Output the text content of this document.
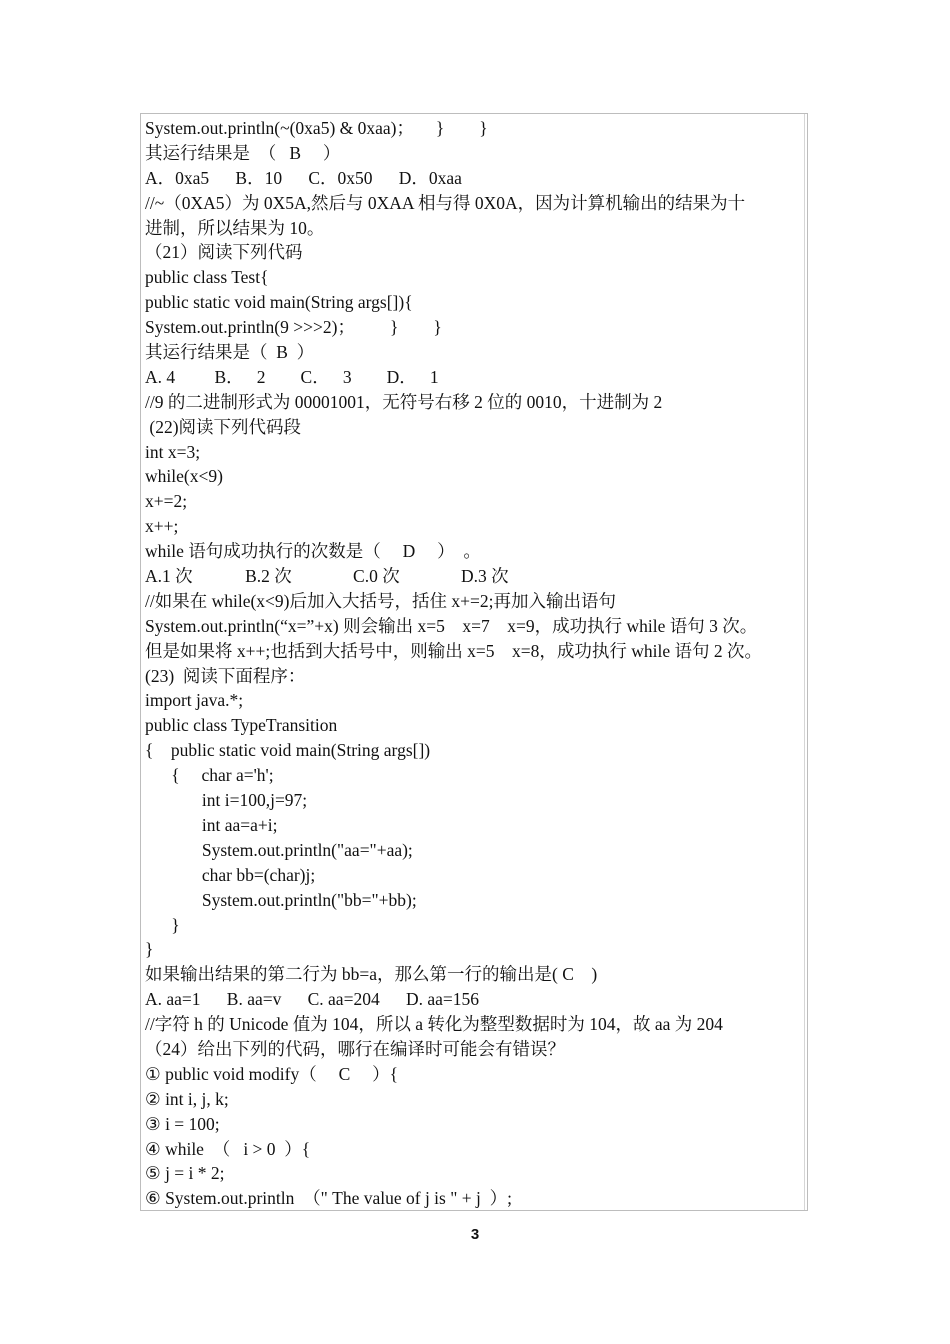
System.out.println(~(0xa5) & 0xaa)；     }        }
其运行结果是  （   B     ）
A．0xa5      B．10      C．0x50      D．0xaa
//~（0XA5）为 0X5A,然后与 0XAA 相与得 0X0A，因为计算机输出的结果为十
进制，所以结果为 10。
（21）阅读下列代码
public class Test{
public static void main(String args[]){
System.out.println(9 >>>2)；        }        }
其运行结果是（  B  ）
A. 4         B．   2        C．   3        D．   1
//9 的二进制形式为 00001001，无符号右移 2 位的 0010，十进制为 2
(22)阅读下列代码段
int x=3;
while(x<9)
x+=2;
x++;
while 语句成功执行的次数是（     D     ）  。
A.1 次            B.2 次              C.0 次              D.3 次
//如果在 while(x<9)后加入大括号，括住 x+=2;再加入输出语句
System.out.println(“x=”+x) 则会输出 x=5    x=7    x=9，成功执行 while 语句 3 次。
但是如果将 x++;也括到大括号中，则输出 x=5    x=8，成功执行 while 语句 2 次。
(23)  阅读下面程序：
import java.*;
public class TypeTransition
{    public static void main(String args[])
{     char a='h';
int i=100,j=97;
int aa=a+i;
System.out.println("aa="+aa);
char bb=(char)j;
System.out.println("bb="+bb);
}
}
如果输出结果的第二行为 bb=a，那么第一行的输出是( C    )
A. aa=1      B. aa=v      C. aa=204      D. aa=156
//字符 h 的 Unicode 值为 104，所以 a 转化为整型数据时为 104，故 aa 为 204
（24）给出下列的代码，哪行在编译时可能会有错误？
① public void modify（     C     ）{
② int i, j, k;
③ i = 100;
④ while  （   i > 0  ）{
⑤ j = i * 2;
⑥ System.out.println  （" The value of j is " + j  ）;
3
